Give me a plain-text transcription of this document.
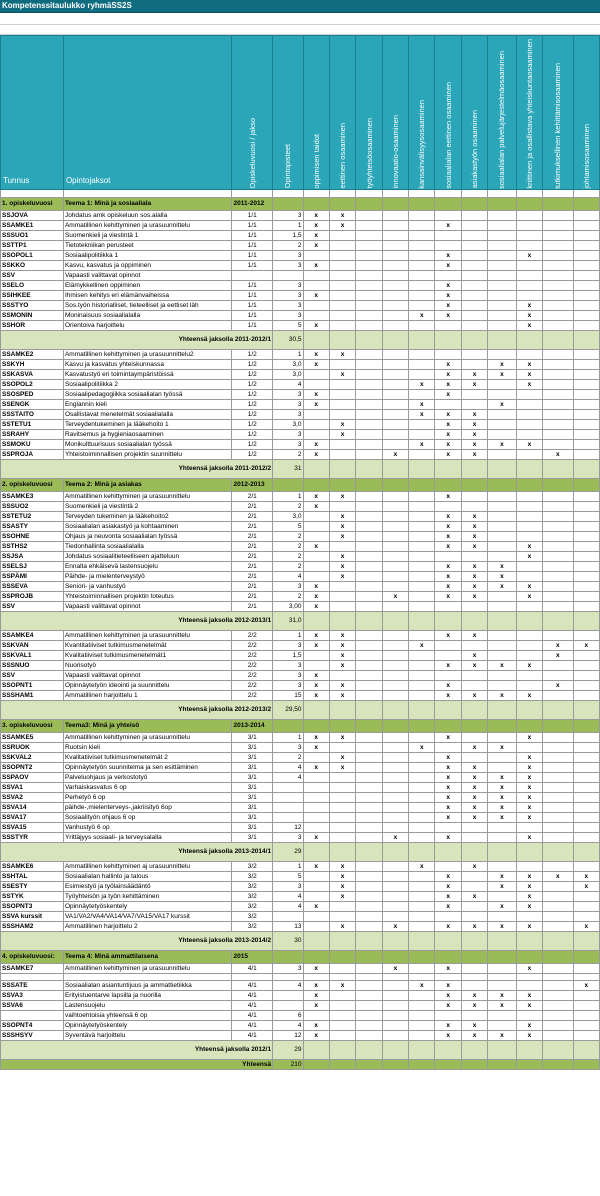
Kompetenssitaulukko ryhmäSS2S
Tunnus	Opintojaksot	Opiskeluvuosi / jakso	Opintopisteet	oppimisen taidot	eettinen osaaminen	työyhteisöosaaminen	innovaatio-osaaminen	kansainvälisyysosaaminen	sosiaalialan eettinen osaaminen	asiakastyön osaaminen	sosiaalialan palvelujärjestelmäosaaminen	kriittinen ja osallistava yhteiskuntaosaaminen	tutkimuksellinen kehittämisosaaminen	johtamisosaaminen

1. opiskeluvuosi	Teema 1: Minä ja sosiaaliala	2011-2012												
SSJOVA	Johdatus amk opiskeluun sos.alalla	1/1	3	x	x									
SSAMKE1	Ammatillinen kehittyminen ja urasuunnittelu	1/1	1	x	x				x					
SSSUO1	Suomenkieli ja viestintä 1	1/1	1,5	x										
SSTTP1	Tietotekniikan perusteet	1/1	2	x										
SSOPOL1	Sosiaalipolitiikka 1	1/1	3						x			x		
SSKKO	Kasvu, kasvatus ja oppiminen	1/1	3	x					x					
SSV	Vapaasti valittavat opinnot													
SSELO	Elämykkellinen oppiminen	1/1	3						x					
SSIHKEE	Ihmisen kehitys eri elämänvaiheissa	1/1	3	x					x					
SSSTYO	Sos.työn historialliset, tieteelliset ja eettiset läh	1/1	3						x			x		
SSMONIN	Moninaisuus sosiaalialalla	1/1	3					x	x			x		
SSHOR	Orientoiva harjoittelu	1/1	5	x								x		
Yhteensä jaksolla 2011-2012/1			30,5											
SSAMKE2	Ammatillinen kehittyminen ja urasuunnittelu2	1/2	1	x	x									
SSKYH	Kasvu ja kasvatus yhteiskunnassa	1/2	3,0	x					x		x	x		
SSKASVA	Kasvatustyö eri toimintaympäristöissä	1/2	3,0		x				x	x	x	x		
SSOPOL2	Sosiaalipolitiikka 2	1/2	4					x	x	x		x		
SSOSPED	Sosiaalipedagogiikka sosiaalialan työssä	1/2	3	x					x					
SSENGK	Englannin kieli	1/2	3	x				x			x			
SSSTAITO	Osallistavat menetelmät sosiaalialalla	1/2	3					x	x	x				
SSTETU1	Terveydentukeminen ja lääkehoito 1	1/2	3,0		x				x	x				
SSRAHY	Ravitsemus ja hygieniaosaaminen	1/2	3		x				x	x				
SSMOKU	Monikulttuurisuus sosiaalialan työssä	1/2	3	x				x	x	x	x	x		
SSPROJA	Yhteistoiminnallisen projektin suunnittelu	1/2	2	x			x		x	x			x	
Yhteensä jaksolla 2011-2012/2			31											
2. opiskeluvuosi	Teema 2: Minä ja asiakas	2012-2013												
SSAMKE3	Ammatillinen kehittyminen ja urasuunnittelu	2/1	1	x	x				x					
SSSUO2	Suomenkieli ja viestintä 2	2/1	2	x										
SSTETU2	Terveyden tukeminen ja lääkehoito2	2/1	3,0		x				x	x				
SSASTY	Sosiaalialan asiakastyö ja kohtaaminen	2/1	5		x				x	x				
SSOHNE	Ohjaus ja neuvonta sosiaalialan työssä	2/1	2		x				x	x				
SSTHS2	Tiedonhallinta sosiaalialalla	2/1	2	x					x	x		x		
SSJSA	Johdatus sosiaalitieteelliseen ajatteluun	2/1	2		x							x		
SSELSJ	Ennalta ehkäisevä lastensuojelu	2/1	2		x				x	x	x			
SSPÄMI	Päihde- ja mielenterveystyö	2/1	4		x				x	x	x			
SSSEVA	Seniori- ja vanhustyö	2/1	3	x					x	x	x	x		
SSPROJB	Yhteistoiminnallisen projektin toteutus	2/1	2	x			x		x	x		x		
SSV	Vapaasti valittavat opinnot	2/1	3,00	x										
Yhteensä jaksolla 2012-2013/1			31,0											
SSAMKE4	Ammatillinen kehittyminen ja urasuunnittelu	2/2	1	x	x				x	x				
SSKVAN	Kvantitatiiviset tutkimusmenetelmät	2/2	3	x	x			x					x	x
SSKVAL1	Kvalitatiiviset tutkimusmenetelmät1	2/2	1,5		x					x			x	
SSSNUO	Nuorisotyö	2/2	3		x				x	x	x	x		
SSV	Vapaasti valittavat opinnot	2/2	3	x										
SSOPNT1	Opinnäytetyön ideointi ja suunnittelu	2/2	3	x	x				x				x	
SSSHAM1	Ammatillinen harjoittelu 1	2/2	15	x	x				x	x	x	x		
Yhteensä jaksolla 2012-2013/2			29,50											
3. opiskeluvuosi	Teema3: Minä ja yhteisö	2013-2014												
SSAMKE5	Ammatillinen kehittyminen ja urasuunnittelu	3/1	1	x	x				x			x		
SSRUOK	Ruotsin kieli	3/1	3	x				x		x	x			
SSKVAL2	Kvalitatiiviset tutkimusmenetelmät 2	3/1	2		x				x			x		
SSOPNT2	Opinnäytetyön suunnitelma ja sen esittäminen	3/1	4	x	x				x	x		x		
SSPAOV	Palveluohjaus ja verkostotyö	3/1	4						x	x	x	x		
SSVA1	Varhaiskasvatus 6 op	3/1							x	x	x	x		
SSVA2	Perhetyö 6 op	3/1							x	x	x	x		
SSVA14	päihde-,mielenterveys-,jakriisityö 6op	3/1							x	x	x	x		
SSVA17	Sosiaalityön ohjaus 6 op	3/1							x	x	x	x		
SSVA15	Vanhustyö 6 op	3/1	12											
SSSTYR	Yrittäjyys sosiaali- ja terveysalalla	3/1	3	x			x		x			x		
Yhteensä jaksolla 2013-2014/1			29											
SSAMKE6	Ammatillinen kehittyminen aj urasuunnittelu	3/2	1	x	x			x		x				
SSHTAL	Sosiaalialan hallinto ja talous	3/2	5		x				x		x	x	x	x
SSESTY	Esimiestyö ja työlainsäädäntö	3/2	3		x				x		x	x		x
SSTYK	Työyhteisön ja työn kehittäminen	3/2	4		x				x	x		x		
SSOPNT3	Opinnäytetyöskentely	3/2	4	x					x		x	x		
SSVA kurssit	VA1/VA2/VA4/VA14/VA7/VA15/VA17 kurssit	3/2												
SSSHAM2	Ammatillinen harjoittelu 2	3/2	13		x		x		x	x	x	x		x
Yhteensä jaksolla 2013-2014/2			30											
4. opiskeluvuosi:	Teema 4: Minä ammattilaisena	2015												
SSAMKE7	Ammatillinen kehittyminen ja urasuunnittelu	4/1	3	x			x		x			x		

SSSATE	Sosiaalialan asiantuntijuus ja ammattietiikka	4/1	4	x	x			x	x					x
SSVA3	Erityistuentarve lapsilla ja nuorilla	4/1		x					x	x	x	x		
SSVA6	Lastensuojelu	4/1		x					x	x	x	x		
	vaihtoehtoisia yhteensä 6 op	4/1	6											
SSOPNT4	Opinnäytetyöskentely	4/1	4	x					x	x		x		
SSSHSYV	Syventävä harjoittelu	4/1	12	x					x	x	x	x		
Yhteensä jaksolla 2012/1			29											
Yhteensä			210											
